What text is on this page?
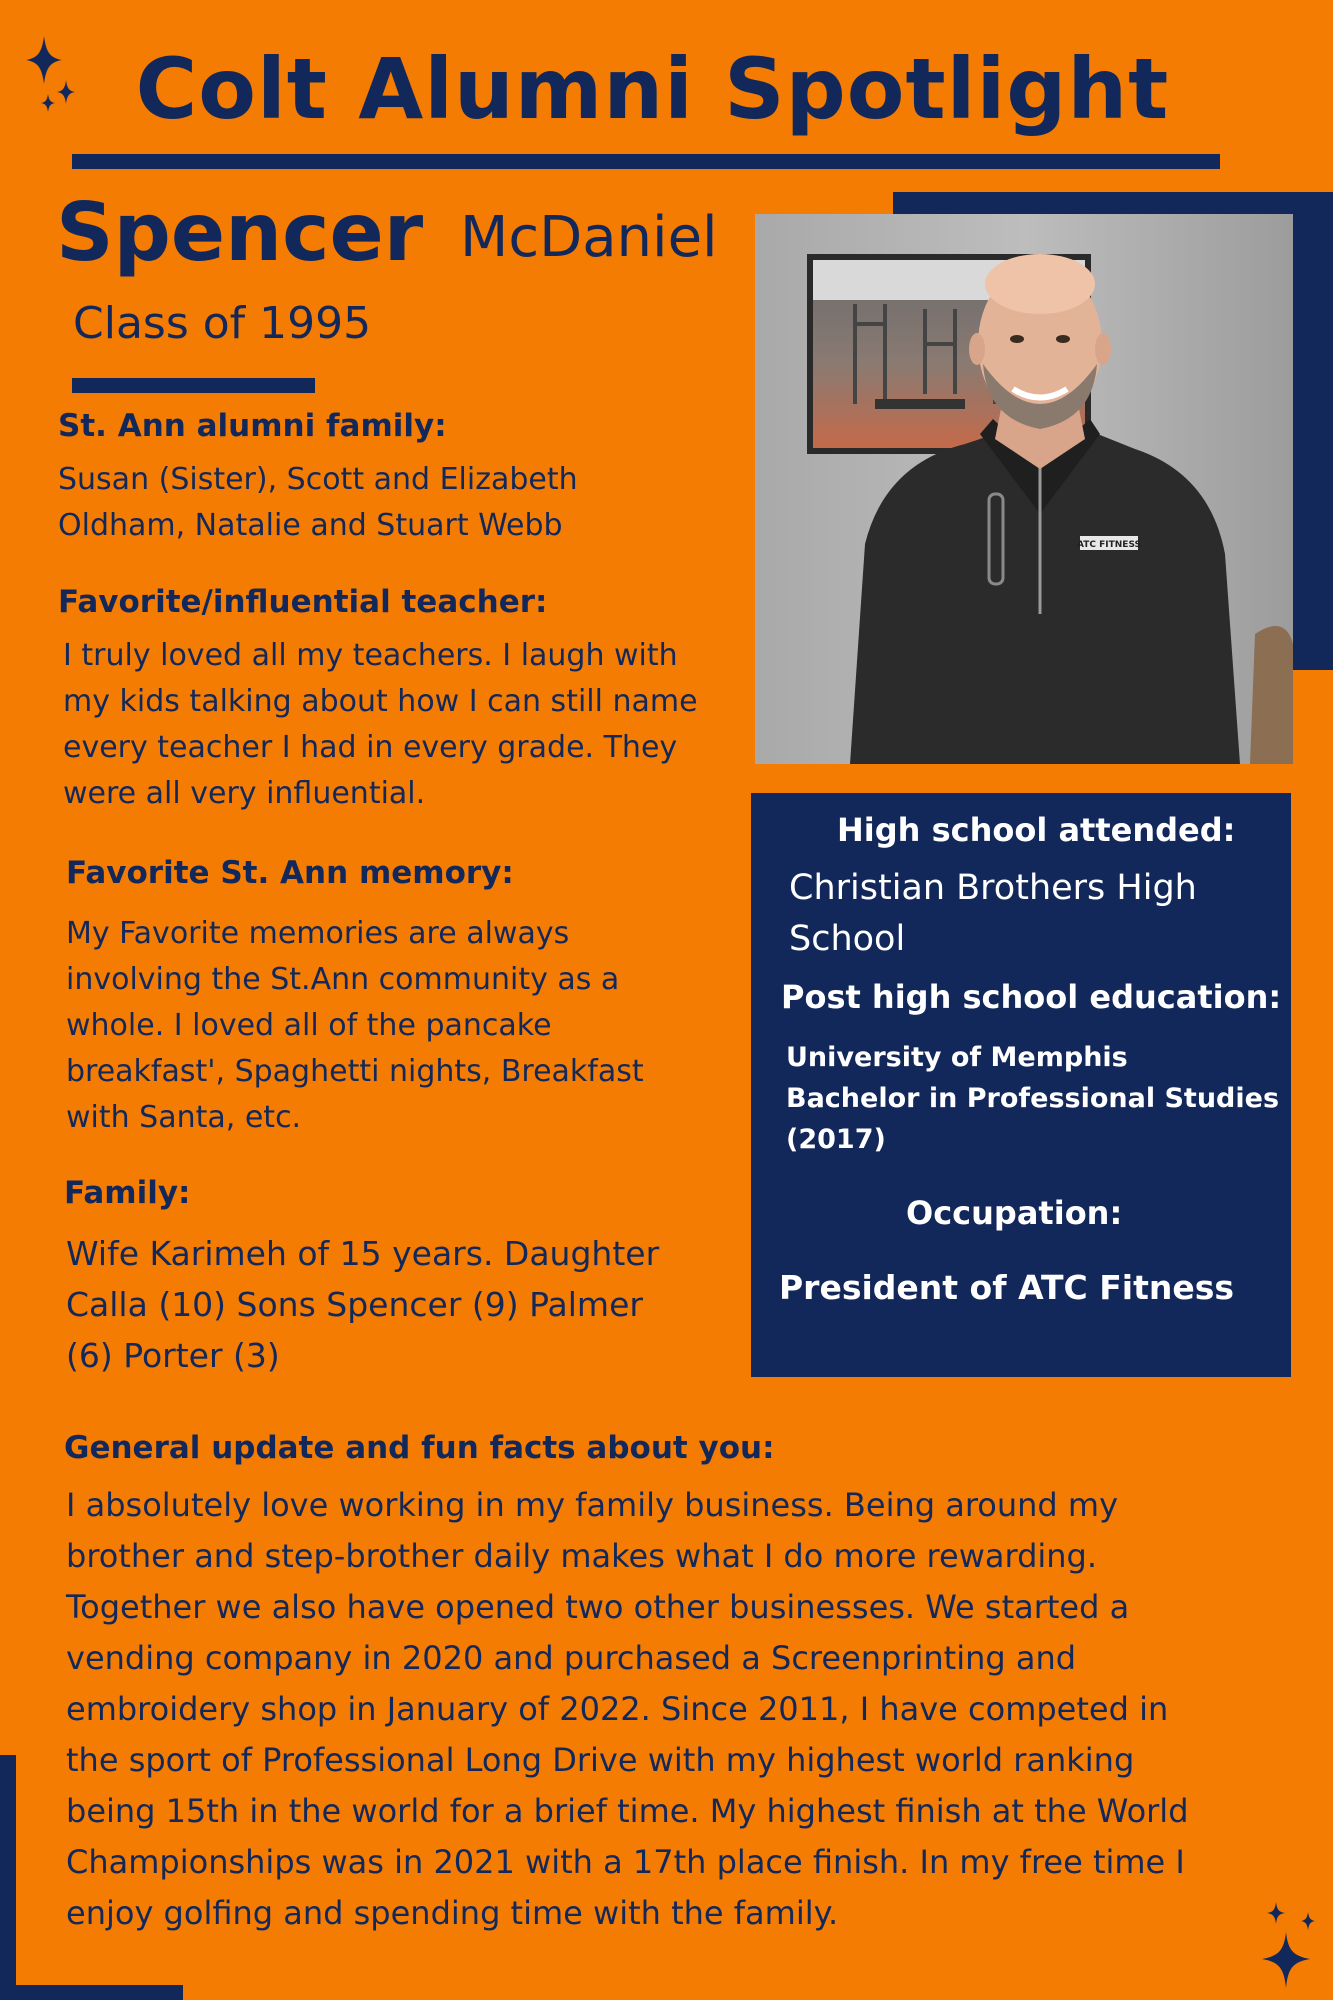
Colt Alumni Spotlight
Spencer McDaniel
Class of 1995
St. Ann alumni family:
Susan (Sister), Scott and Elizabeth
Oldham, Natalie and Stuart Webb
Favorite/influential teacher:
I truly loved all my teachers. I laugh with
my kids talking about how I can still name
every teacher I had in every grade. They
were all very influential.
Favorite St. Ann memory:
My Favorite memories are always
involving the St.Ann community as a
whole. I loved all of the pancake
breakfast', Spaghetti nights, Breakfast
with Santa, etc.
Family:
Wife Karimeh of 15 years. Daughter
Calla (10) Sons Spencer (9) Palmer
(6) Porter (3)
ATC FITNESS
High school attended:
Christian Brothers High
School
Post high school education:
University of Memphis
Bachelor in Professional Studies
(2017)
Occupation:
President of ATC Fitness
General update and fun facts about you:
I absolutely love working in my family business. Being around my
brother and step-brother daily makes what I do more rewarding.
Together we also have opened two other businesses. We started a
vending company in 2020 and purchased a Screenprinting and
embroidery shop in January of 2022. Since 2011, I have competed in
the sport of Professional Long Drive with my highest world ranking
being 15th in the world for a brief time. My highest finish at the World
Championships was in 2021 with a 17th place finish. In my free time I
enjoy golfing and spending time with the family.
